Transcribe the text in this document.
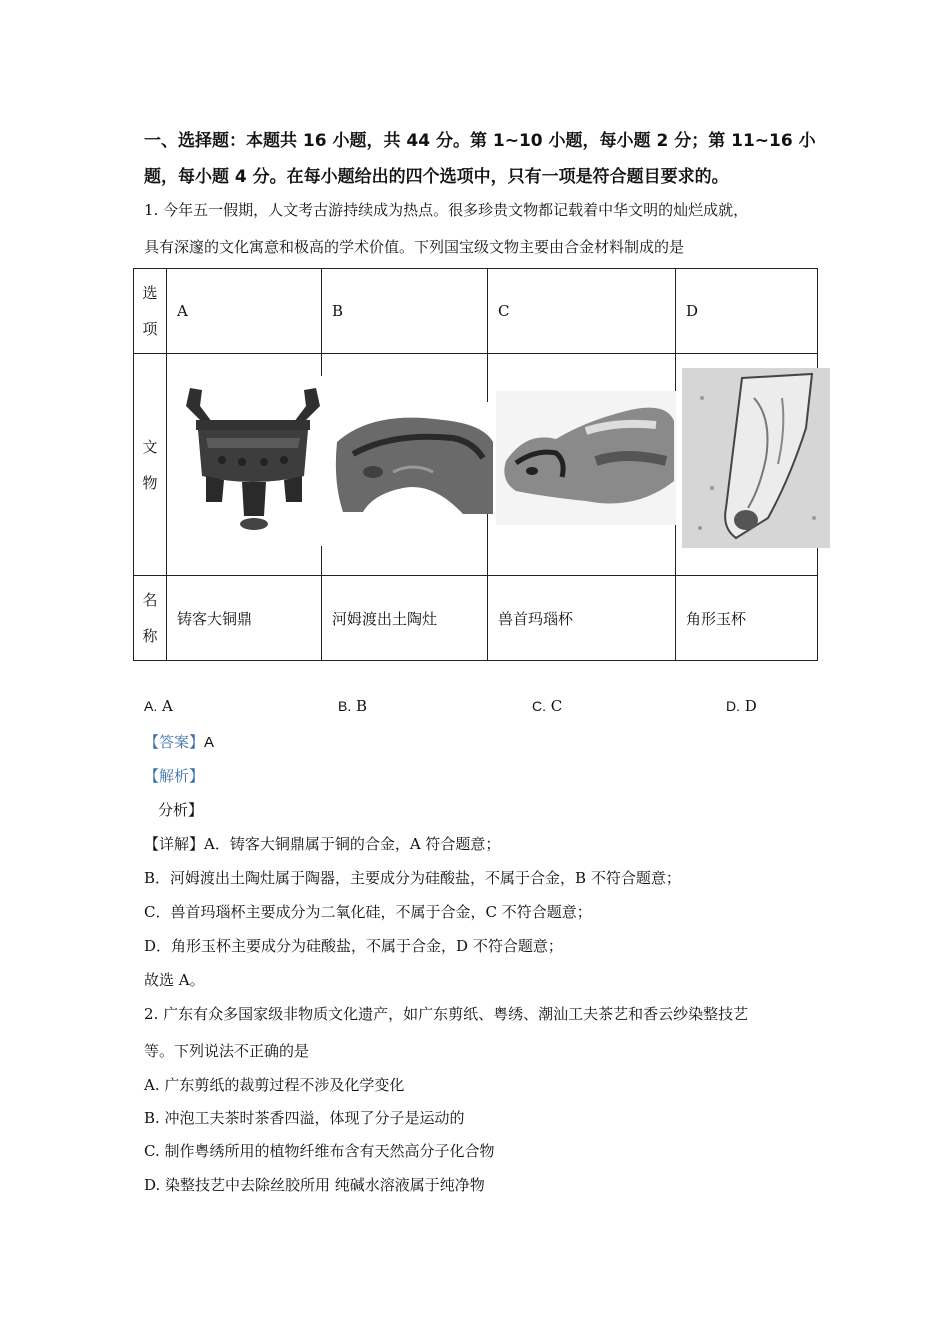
一、选择题：本题共 16 小题，共 44 分。第 1~10 小题，每小题 2 分；第 11~16 小
题，每小题 4 分。在每小题给出的四个选项中，只有一项是符合题目要求的。
1. 今年五一假期，人文考古游持续成为热点。很多珍贵文物都记载着中华文明的灿烂成就，
具有深邃的文化寓意和极高的学术价值。下列国宝级文物主要由合金材料制成的是
选
项	A	B	C	D

文
物				

名
称	铸客大铜鼎	河姆渡出土陶灶	兽首玛瑙杯	角形玉杯
A. A	B. B	C. C	D. D
【答案】A
【解析】
分析】
【详解】A．铸客大铜鼎属于铜的合金，A 符合题意；
B．河姆渡出土陶灶属于陶器，主要成分为硅酸盐，不属于合金，B 不符合题意；
C．兽首玛瑙杯主要成分为二氧化硅，不属于合金，C 不符合题意；
D．角形玉杯主要成分为硅酸盐，不属于合金，D 不符合题意；
故选 A。
2. 广东有众多国家级非物质文化遗产，如广东剪纸、粤绣、潮汕工夫茶艺和香云纱染整技艺
等。下列说法不正确的是
A. 广东剪纸的裁剪过程不涉及化学变化
B. 冲泡工夫茶时茶香四溢，体现了分子是运动的
C. 制作粤绣所用的植物纤维布含有天然高分子化合物
D. 染整技艺中去除丝胶所用 纯碱水溶液属于纯净物
